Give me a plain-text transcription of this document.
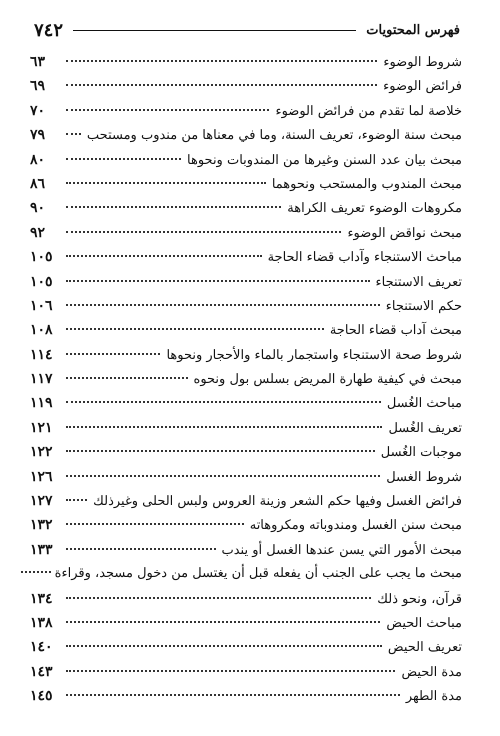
٧٤٢	فهرس المحتويات
شروط الوضوء
٦٣
فرائض الوضوء
٦٩
خلاصة لما تقدم من فرائض الوضوء
٧٠
مبحث سنة الوضوء، تعريف السنة، وما في معناها من مندوب ومستحب
٧٩
مبحث بيان عدد السنن وغيرها من المندوبات ونحوها
٨٠
مبحث المندوب والمستحب ونحوهما
٨٦
مكروهات الوضوء تعريف الكراهة
٩٠
مبحث نواقض الوضوء
٩٢
مباحث الاستنجاء وآداب قضاء الحاجة
١٠٥
تعريف الاستنجاء
١٠٥
حكم الاستنجاء
١٠٦
مبحث آداب قضاء الحاجة
١٠٨
شروط صحة الاستنجاء واستجمار بالماء والأحجار ونحوها
١١٤
مبحث في كيفية طهارة المريض بسلس بول ونحوه
١١٧
مباحث الغُسل
١١٩
تعريف الغُسل
١٢١
موجبات الغُسل
١٢٢
شروط الغسل
١٢٦
فرائض الغسل وفيها حكم الشعر وزينة العروس ولبس الحلى وغيرذلك
١٢٧
مبحث سنن الغسل ومندوباته ومكروهاته
١٣٢
مبحث الأمور التي يسن عندها الغسل أو يندب
١٣٣
مبحث ما يجب على الجنب أن يفعله قبل أن يغتسل من دخول مسجد، وقراءة
قرآن، ونحو ذلك
١٣٤
مباحث الحيض
١٣٨
تعريف الحيض
١٤٠
مدة الحيض
١٤٣
مدة الطهر
١٤٥
